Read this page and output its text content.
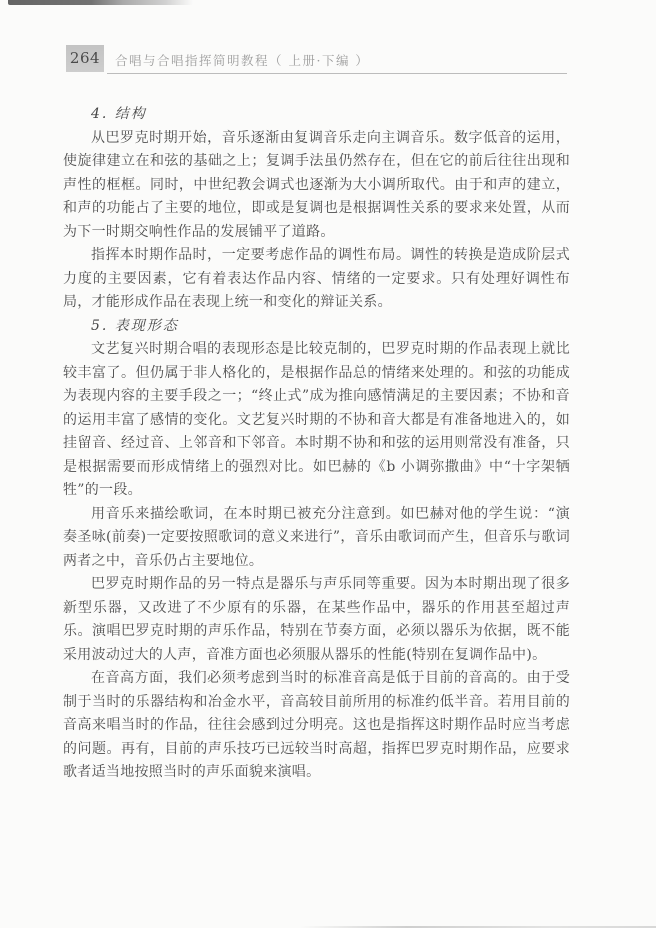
264	合唱与合唱指挥简明教程（ 上册·下编 ）

4. 结构

从巴罗克时期开始，音乐逐渐由复调音乐走向主调音乐。数字低音的运用，使旋律建立在和弦的基础之上；复调手法虽仍然存在，但在它的前后往往出现和声性的框框。同时，中世纪教会调式也逐渐为大小调所取代。由于和声的建立，和声的功能占了主要的地位，即或是复调也是根据调性关系的要求来处置，从而为下一时期交响性作品的发展铺平了道路。

指挥本时期作品时，一定要考虑作品的调性布局。调性的转换是造成阶层式力度的主要因素，它有着表达作品内容、情绪的一定要求。只有处理好调性布局，才能形成作品在表现上统一和变化的辩证关系。

5. 表现形态

文艺复兴时期合唱的表现形态是比较克制的，巴罗克时期的作品表现上就比较丰富了。但仍属于非人格化的，是根据作品总的情绪来处理的。和弦的功能成为表现内容的主要手段之一；“终止式”成为推向感情满足的主要因素；不协和音的运用丰富了感情的变化。文艺复兴时期的不协和音大都是有准备地进入的，如挂留音、经过音、上邻音和下邻音。本时期不协和和弦的运用则常没有准备，只是根据需要而形成情绪上的强烈对比。如巴赫的《b 小调弥撒曲》中“十字架牺牲”的一段。

用音乐来描绘歌词，在本时期已被充分注意到。如巴赫对他的学生说：“演奏圣咏(前奏)一定要按照歌词的意义来进行”，音乐由歌词而产生，但音乐与歌词两者之中，音乐仍占主要地位。

巴罗克时期作品的另一特点是器乐与声乐同等重要。因为本时期出现了很多新型乐器，又改进了不少原有的乐器，在某些作品中，器乐的作用甚至超过声乐。演唱巴罗克时期的声乐作品，特别在节奏方面，必须以器乐为依据，既不能采用波动过大的人声，音准方面也必须服从器乐的性能(特别在复调作品中)。

在音高方面，我们必须考虑到当时的标准音高是低于目前的音高的。由于受制于当时的乐器结构和冶金水平，音高较目前所用的标准约低半音。若用目前的音高来唱当时的作品，往往会感到过分明亮。这也是指挥这时期作品时应当考虑的问题。再有，目前的声乐技巧已远较当时高超，指挥巴罗克时期作品，应要求歌者适当地按照当时的声乐面貌来演唱。
